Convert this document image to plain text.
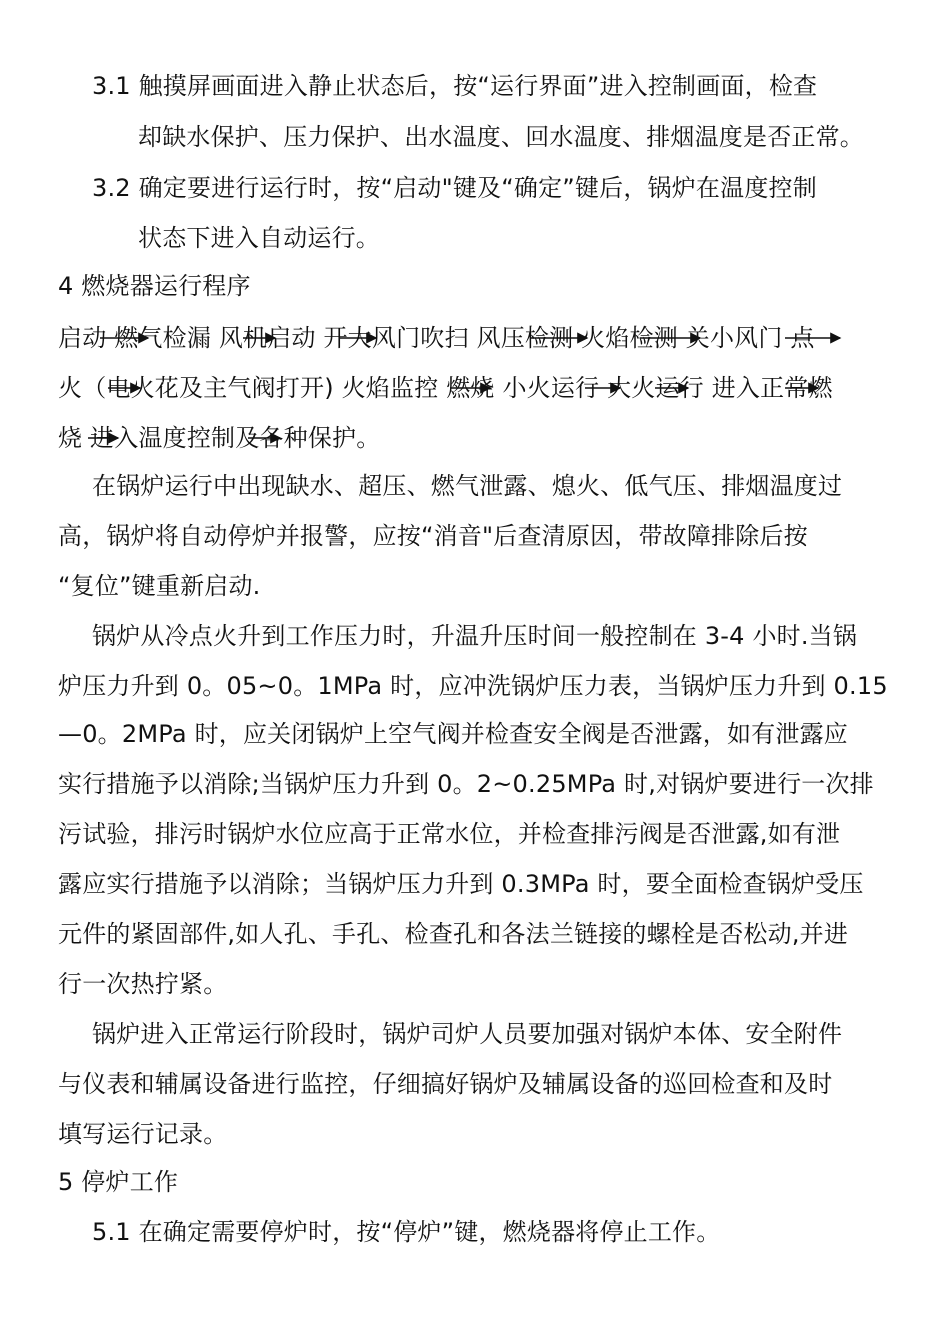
3.1 触摸屏画面进入静止状态后，按“运行界面”进入控制画面，检查
却缺水保护、压力保护、出水温度、回水温度、排烟温度是否正常。
3.2 确定要进行运行时，按“启动"键及“确定”键后，锅炉在温度控制
状态下进入自动运行。
4 燃烧器运行程序
启动 燃气检漏 风机启动 开大风门吹扫 风压检测 火焰检测 关小风门 点
火（电火花及主气阀打开) 火焰监控 燃烧 小火运行 大火运行 进入正常燃
烧 进入温度控制及各种保护。
在锅炉运行中出现缺水、超压、燃气泄露、熄火、低气压、排烟温度过
高，锅炉将自动停炉并报警，应按“消音"后查清原因，带故障排除后按
“复位”键重新启动.
锅炉从冷点火升到工作压力时，升温升压时间一般控制在 3-4 小时.当锅
炉压力升到 0。05~0。1MPa 时，应冲洗锅炉压力表，当锅炉压力升到 0.15
—0。2MPa 时，应关闭锅炉上空气阀并检查安全阀是否泄露，如有泄露应
实行措施予以消除;当锅炉压力升到 0。2~0.25MPa 时,对锅炉要进行一次排
污试验，排污时锅炉水位应高于正常水位，并检查排污阀是否泄露,如有泄
露应实行措施予以消除；当锅炉压力升到 0.3MPa 时，要全面检查锅炉受压
元件的紧固部件,如人孔、手孔、检查孔和各法兰链接的螺栓是否松动,并进
行一次热拧紧。
锅炉进入正常运行阶段时，锅炉司炉人员要加强对锅炉本体、安全附件
与仪表和辅属设备进行监控，仔细搞好锅炉及辅属设备的巡回检查和及时
填写运行记录。
5 停炉工作
5.1 在确定需要停炉时，按“停炉”键，燃烧器将停止工作。
